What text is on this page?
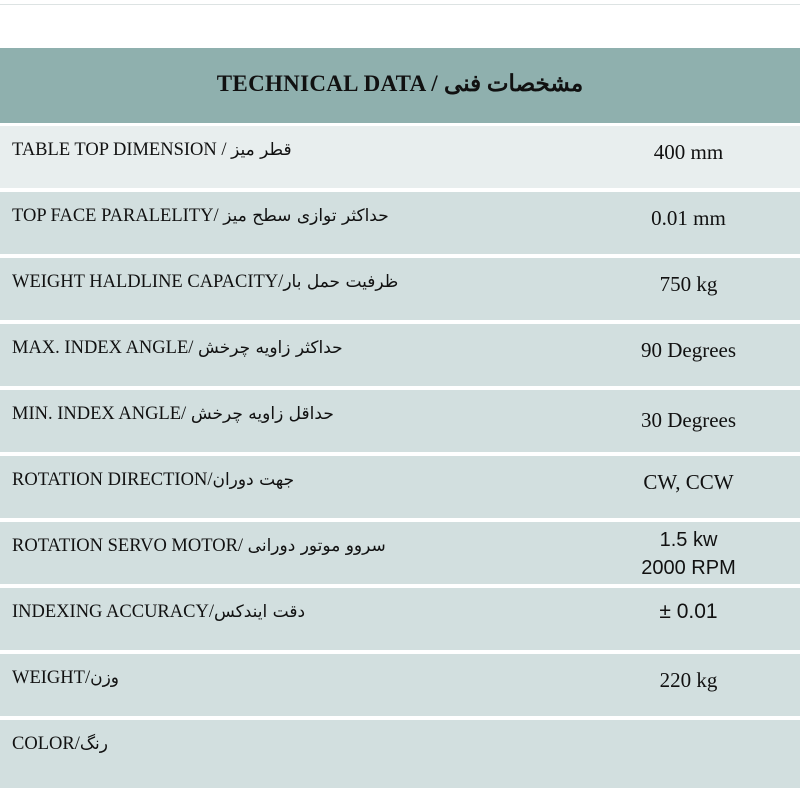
TECHNICAL DATA / مشخصات فنی
TABLE TOP DIMENSION / قطر میز	400 mm
TOP FACE PARALELITY/ حداکثر توازی سطح میز	0.01 mm
WEIGHT HALDLINE CAPACITY/ظرفیت حمل بار	750 kg
MAX. INDEX ANGLE/ حداکثر زاویه چرخش	90 Degrees
MIN. INDEX ANGLE/ حداقل زاویه چرخش	30 Degrees
ROTATION DIRECTION/جهت دوران	CW, CCW
ROTATION SERVO MOTOR/ سروو موتور دورانی	1.5 kw
2000 RPM
INDEXING ACCURACY/دقت ایندکس	± 0.01
WEIGHT/وزن	220 kg
COLOR/رنگ
